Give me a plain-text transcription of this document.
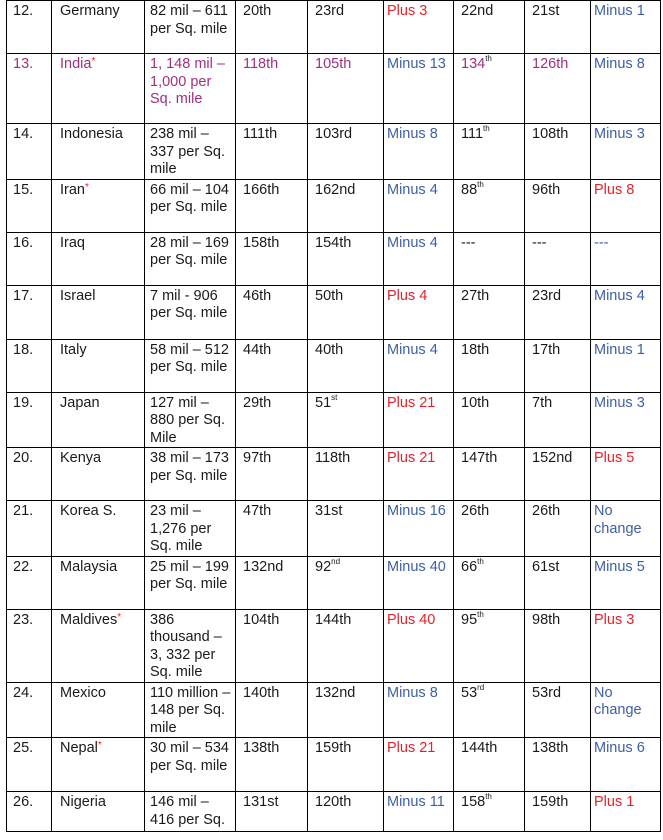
12.	Germany	82 mil – 611 per Sq. mile	20th	23rd	Plus 3	22nd	21st	Minus 1
13.	India*	1, 148 mil – 1,000 per Sq. mile	118th	105th	Minus 13	134th	126th	Minus 8
14.	Indonesia	238 mil – 337 per Sq. mile	111th	103rd	Minus 8	111th	108th	Minus 3
15.	Iran*	66 mil – 104 per Sq. mile	166th	162nd	Minus 4	88th	96th	Plus 8
16.	Iraq	28 mil – 169 per Sq. mile	158th	154th	Minus 4	---	---	---
17.	Israel	7 mil - 906 per Sq. mile	46th	50th	Plus 4	27th	23rd	Minus 4
18.	Italy	58 mil – 512 per Sq. mile	44th	40th	Minus 4	18th	17th	Minus 1
19.	Japan	127 mil – 880 per Sq. Mile	29th	51st	Plus 21	10th	7th	Minus 3
20.	Kenya	38 mil – 173 per Sq. mile	97th	118th	Plus 21	147th	152nd	Plus 5
21.	Korea S.	23 mil – 1,276 per Sq. mile	47th	31st	Minus 16	26th	26th	No change
22.	Malaysia	25 mil – 199 per Sq. mile	132nd	92nd	Minus 40	66th	61st	Minus 5
23.	Maldives*	386 thousand – 3, 332 per Sq. mile	104th	144th	Plus 40	95th	98th	Plus 3
24.	Mexico	110 million – 148 per Sq. mile	140th	132nd	Minus 8	53rd	53rd	No change
25.	Nepal*	30 mil – 534 per Sq. mile	138th	159th	Plus 21	144th	138th	Minus 6
26.	Nigeria	146 mil – 416 per Sq.	131st	120th	Minus 11	158th	159th	Plus 1
